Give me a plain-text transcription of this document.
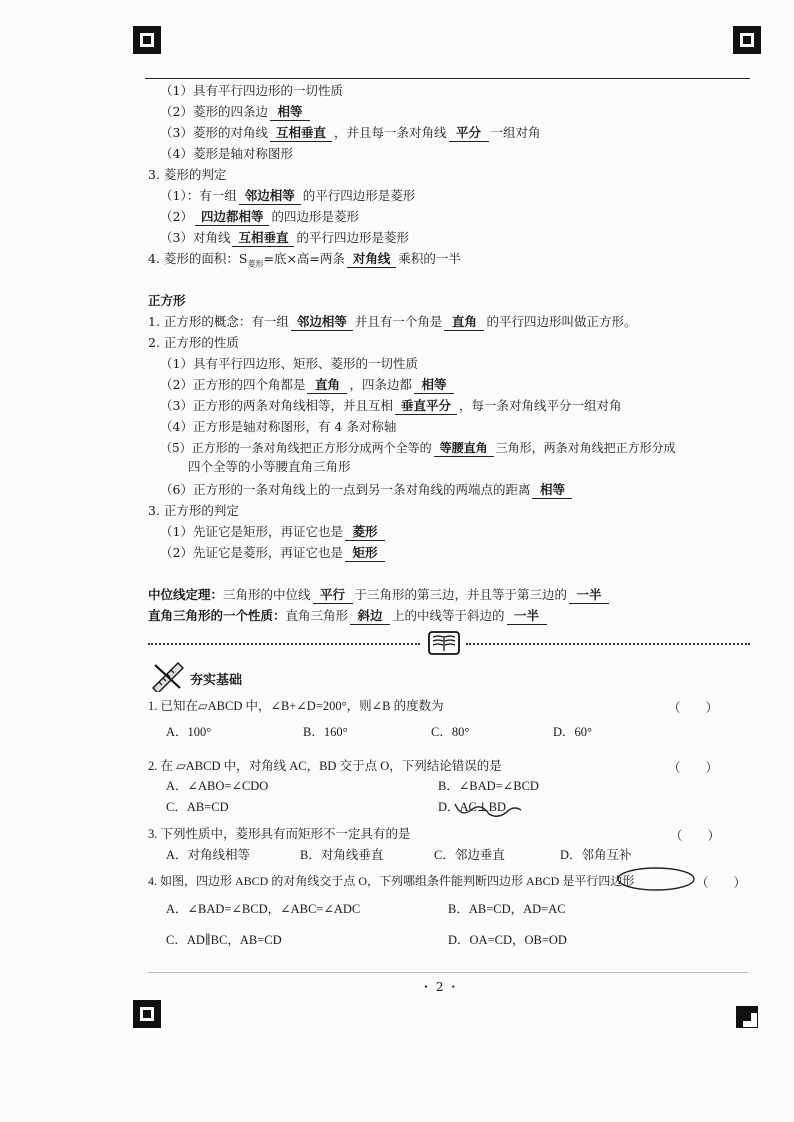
（1）具有平行四边形的一切性质
（2）菱形的四条边 相等
（3）菱形的对角线 互相垂直 ，并且每一条对角线 平分 一组对角
（4）菱形是轴对称图形
3. 菱形的判定
（1）：有一组 邻边相等 的平行四边形是菱形
（2） 四边都相等 的四边形是菱形
（3）对角线 互相垂直 的平行四边形是菱形
4. 菱形的面积：$S_{菱形}=$底×高=两条 对角线 乘积的一半
正方形
1. 正方形的概念：有一组 邻边相等 并且有一个角是 直角 的平行四边形叫做正方形。
2. 正方形的性质
（1）具有平行四边形、矩形、菱形的一切性质
（2）正方形的四个角都是 直角 ，四条边都 相等
（3）正方形的两条对角线相等，并且互相 垂直平分 ，每一条对角线平分一组对角
（4）正方形是轴对称图形，有 4 条对称轴
（5）正方形的一条对角线把正方形分成两个全等的 等腰直角 三角形，两条对角线把正方形分成
四个全等的小等腰直角三角形
（6）正方形的一条对角线上的一点到另一条对角线的两端点的距离 相等
3. 正方形的判定
（1）先证它是矩形，再证它也是 菱形
（2）先证它是菱形，再证它也是 矩形
中位线定理：三角形的中位线 平行 于三角形的第三边，并且等于第三边的 一半
直角三角形的一个性质：直角三角形 斜边 上的中线等于斜边的 一半
夯实基础
1. 已知在▱ABCD 中，∠B+∠D=200°，则∠B 的度数为	（　　）
A．100°	B．160°	C．80°	D．60°
2. 在 ▱ABCD 中，对角线 AC，BD 交于点 O，下列结论错误的是	（　　）
A．∠ABO=∠CDO	B．∠BAD=∠BCD
C．AB=CD	D．AC⊥BD
3. 下列性质中，菱形具有而矩形不一定具有的是	（　　）
A．对角线相等	B．对角线垂直	C．邻边垂直	D．邻角互补
4. 如图，四边形 ABCD 的对角线交于点 O，下列哪组条件能判断四边形 ABCD 是平行四边形	（　　）
A．∠BAD=∠BCD，∠ABC=∠ADC	B．AB=CD，AD=AC
C．AD∥BC，AB=CD	D．OA=CD，OB=OD
・ 2 ・
